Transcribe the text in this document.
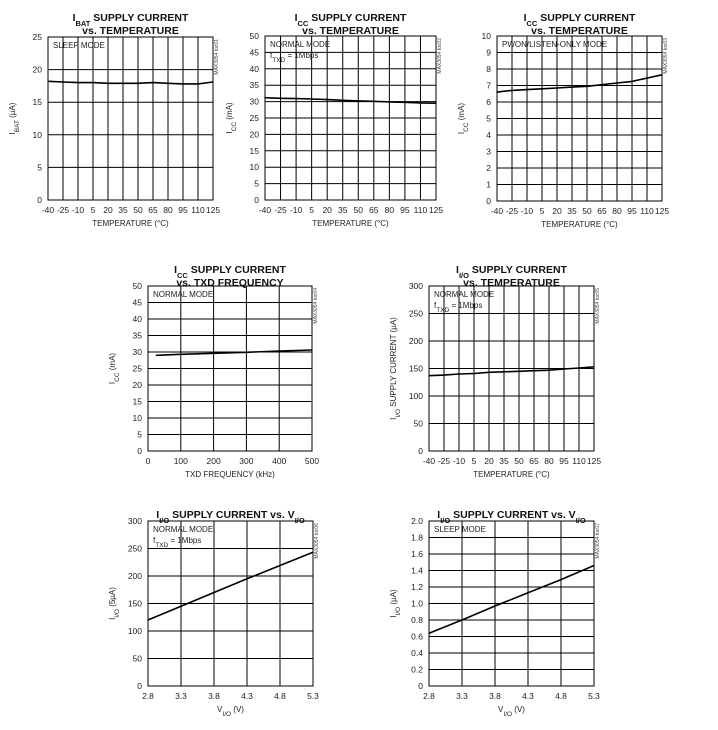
$I_{BAT}$ SUPPLY CURRENT
vs. TEMPERATURE
-40 -25 -10 5 20 35 50 65 80 95 110 125
0
5
10
15
20
25
TEMPERATURE (°C)
$I_{BAT}$ (µA)
SLEEP MODE	MAX3054 toc01
$I_{CC}$ SUPPLY CURRENT
vs. TEMPERATURE
-40 -25 -10 5 20 35 50 65 80 95 110 125
0
5
10
15
20
25
30
35
40
45
50
TEMPERATURE (°C)
$I_{CC}$ (mA)
NORMAL MODE
$f_{TXD}$ = 1Mbps	MAX3054 toc02
$I_{CC}$ SUPPLY CURRENT
vs. TEMPERATURE
-40 -25 -10 5 20 35 50 65 80 95 110 125
0
1
2
3
4
5
6
7
8
9
10
TEMPERATURE (°C)
$I_{CC}$ (mA)
PWON/LISTEN-ONLY MODE	MAX3054 toc03
$I_{CC}$ SUPPLY CURRENT
vs. TXD FREQUENCY
0	100 200 300 400 500
0
5
10
15
20
25
30
35
40
45
50
TXD FREQUENCY (kHz)
$I_{CC}$ (mA)
NORMAL MODE	MAX3054 toc04
$I_{I/O}$ SUPPLY CURRENT
vs. TEMPERATURE
-40 -25 -10 5 20 35 50 65 80 95 110 125
0
50
100
150
200
250
300
TEMPERATURE (°C)
$I_{I/O}$ SUPPLY CURRENT (µA)
NORMAL MODE
$f_{TXD}$ = 1Mbps	MAX3054 toc05
$I_{I/O}$ SUPPLY CURRENT vs. $V_{I/O}$
2.8 3.3 3.8 4.3 4.8 5.3
0
50
100
150
200
250
300
$V_{I/O}$ (V)
$I_{I/O}$ (5µA)
NORMAL MODE
$f_{TXD}$ = 1Mbps	MAX3054 toc06
$I_{I/O}$ SUPPLY CURRENT vs. $V_{I/O}$
2.8 3.3 3.8 4.3 4.8 5.3
0
0.2
0.4
0.6
0.8
1.0
1.2
1.4
1.6
1.8
2.0
$V_{I/O}$ (V)
$I_{I/O}$ (µA)
SLEEP MODE	MAX3054 toc07
